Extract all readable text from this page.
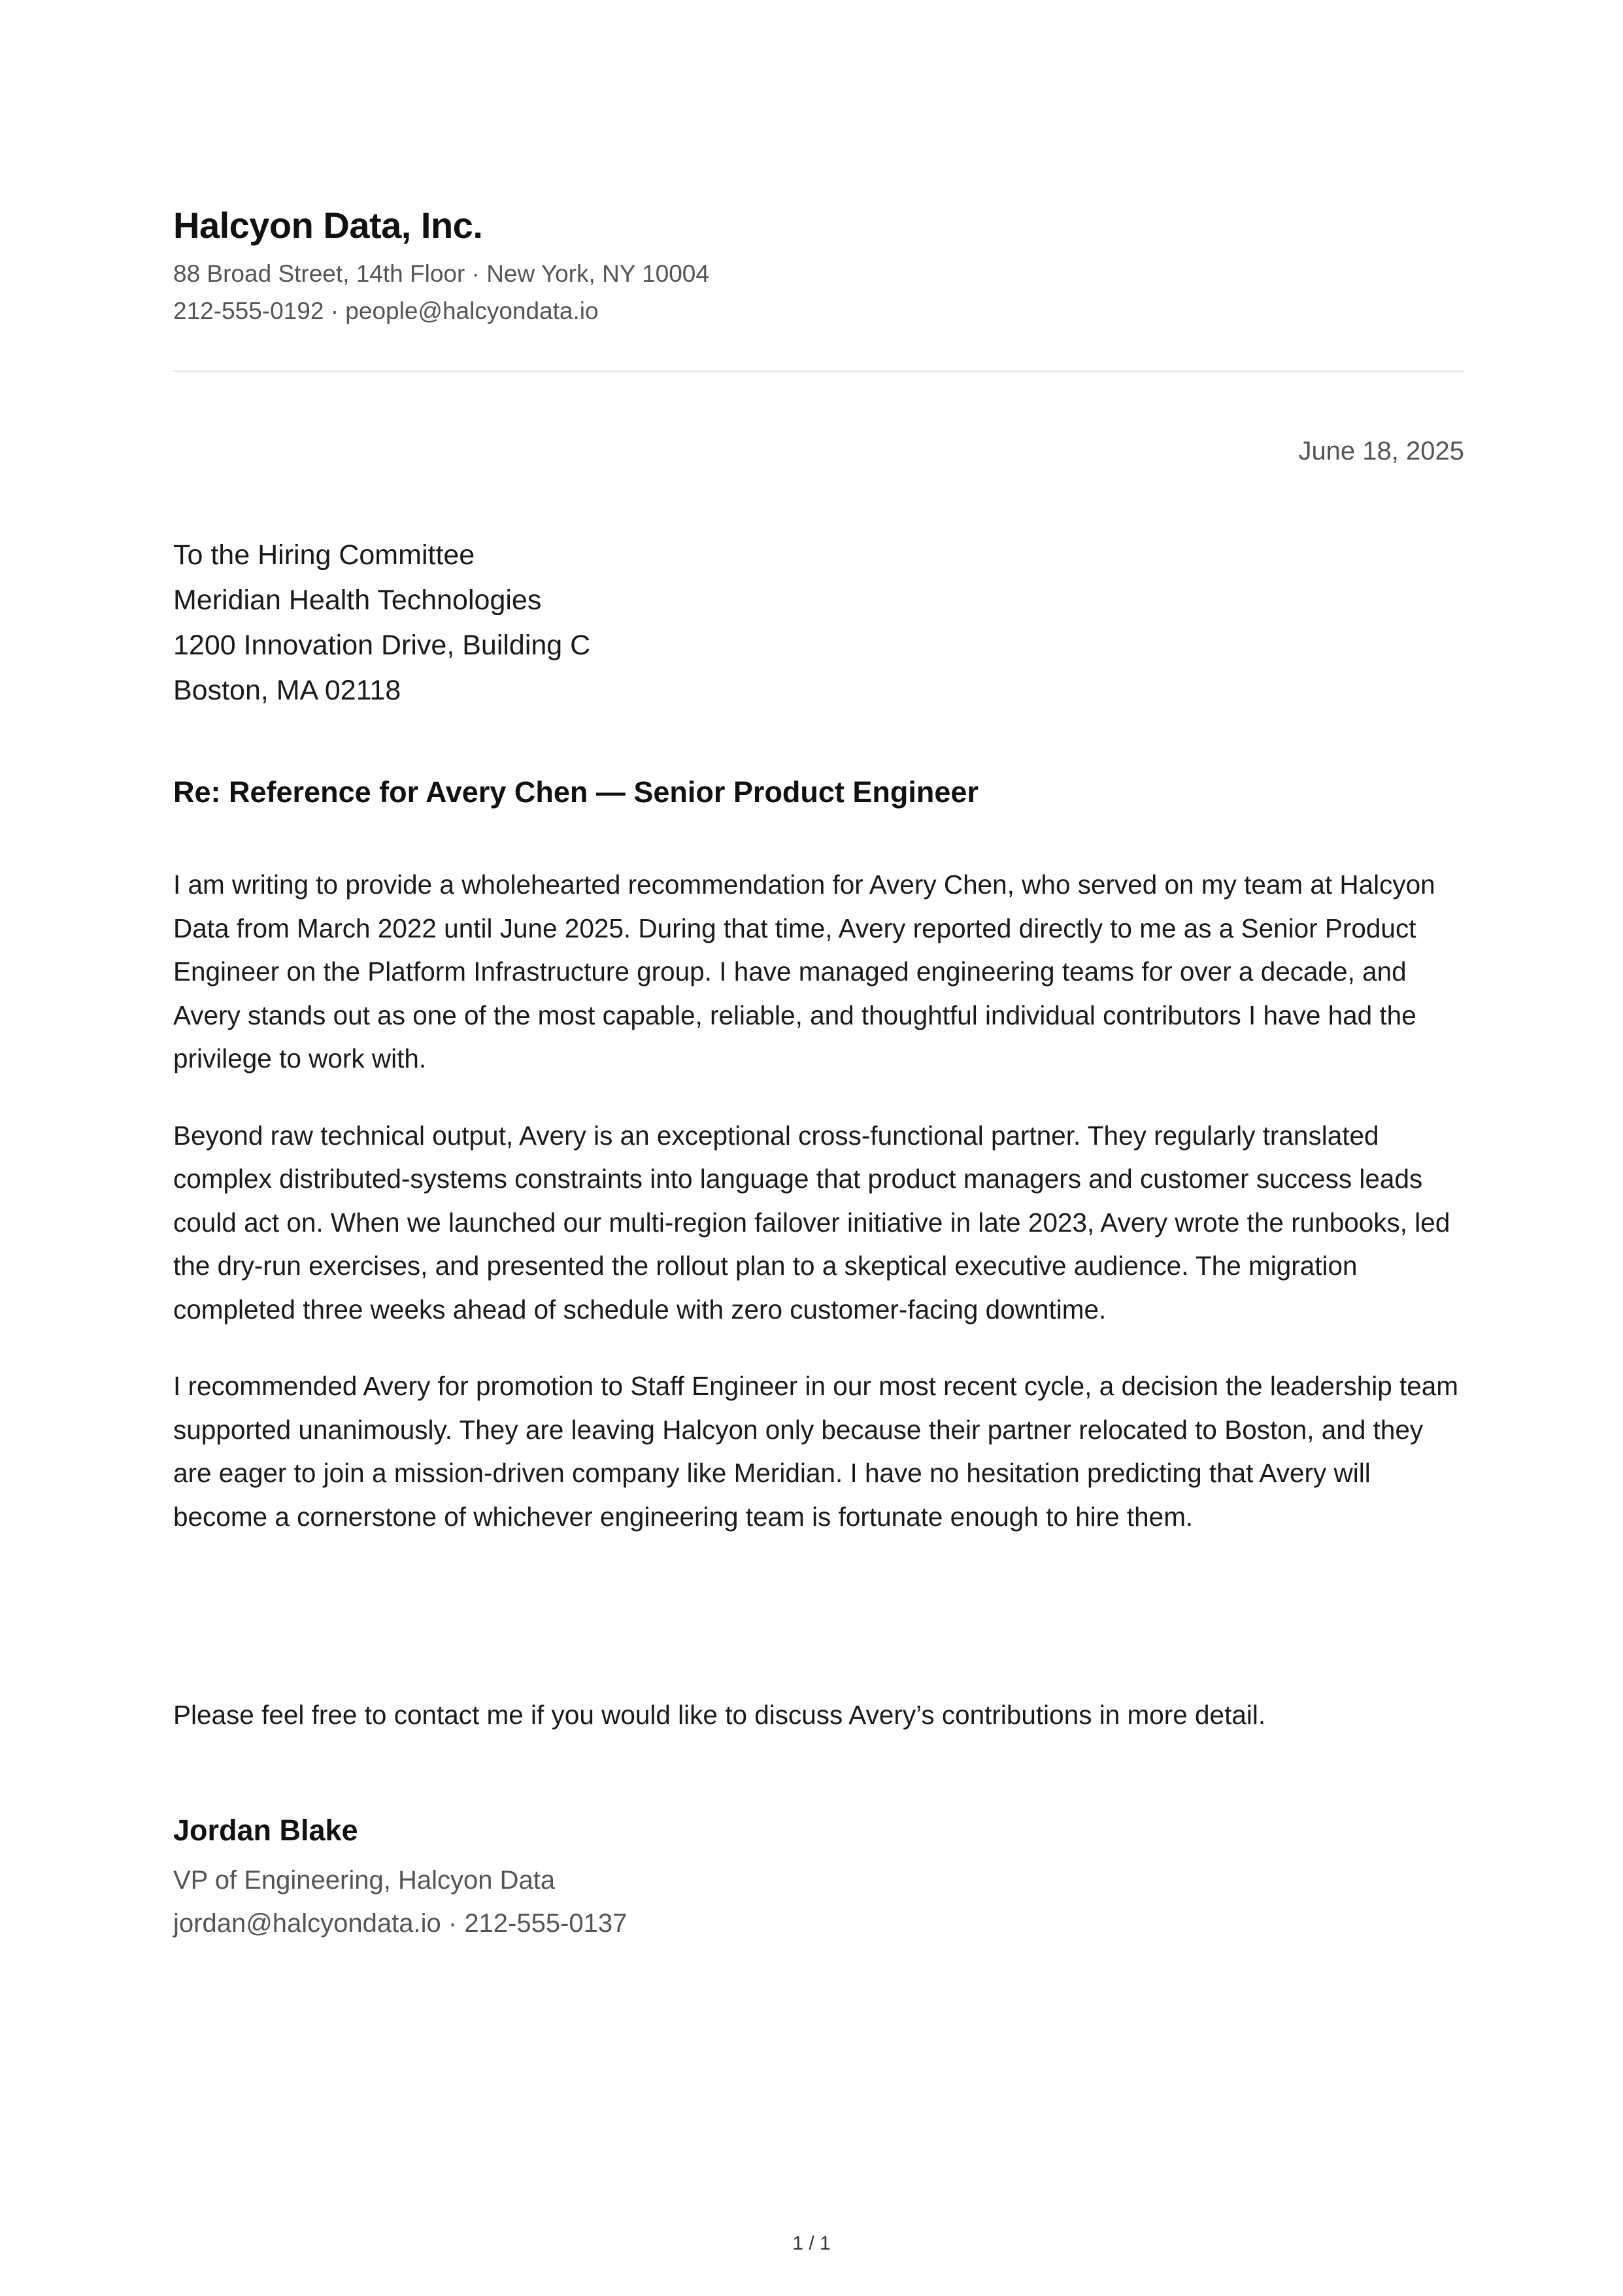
Halcyon Data, Inc.

88 Broad Street, 14th Floor · New York, NY 10004

212-555-0192 · people@halcyondata.io

June 18, 2025

To the Hiring Committee

Meridian Health Technologies

1200 Innovation Drive, Building C

Boston, MA 02118

Re: Reference for Avery Chen — Senior Product Engineer

I am writing to provide a wholehearted recommendation for Avery Chen, who served on my team at Halcyon Data from March 2022 until June 2025. During that time, Avery reported directly to me as a Senior Product Engineer on the Platform Infrastructure group. I have managed engineering teams for over a decade, and Avery stands out as one of the most capable, reliable, and thoughtful individual contributors I have had the privilege to work with.

Beyond raw technical output, Avery is an exceptional cross-functional partner. They regularly translated complex distributed-systems constraints into language that product managers and customer success leads could act on. When we launched our multi-region failover initiative in late 2023, Avery wrote the runbooks, led the dry-run exercises, and presented the rollout plan to a skeptical executive audience. The migration completed three weeks ahead of schedule with zero customer-facing downtime.

I recommended Avery for promotion to Staff Engineer in our most recent cycle, a decision the leadership team supported unanimously. They are leaving Halcyon only because their partner relocated to Boston, and they are eager to join a mission-driven company like Meridian. I have no hesitation predicting that Avery will become a cornerstone of whichever engineering team is fortunate enough to hire them.

Please feel free to contact me if you would like to discuss Avery’s contributions in more detail.

Jordan Blake

VP of Engineering, Halcyon Data

jordan@halcyondata.io · 212-555-0137

1 / 1
